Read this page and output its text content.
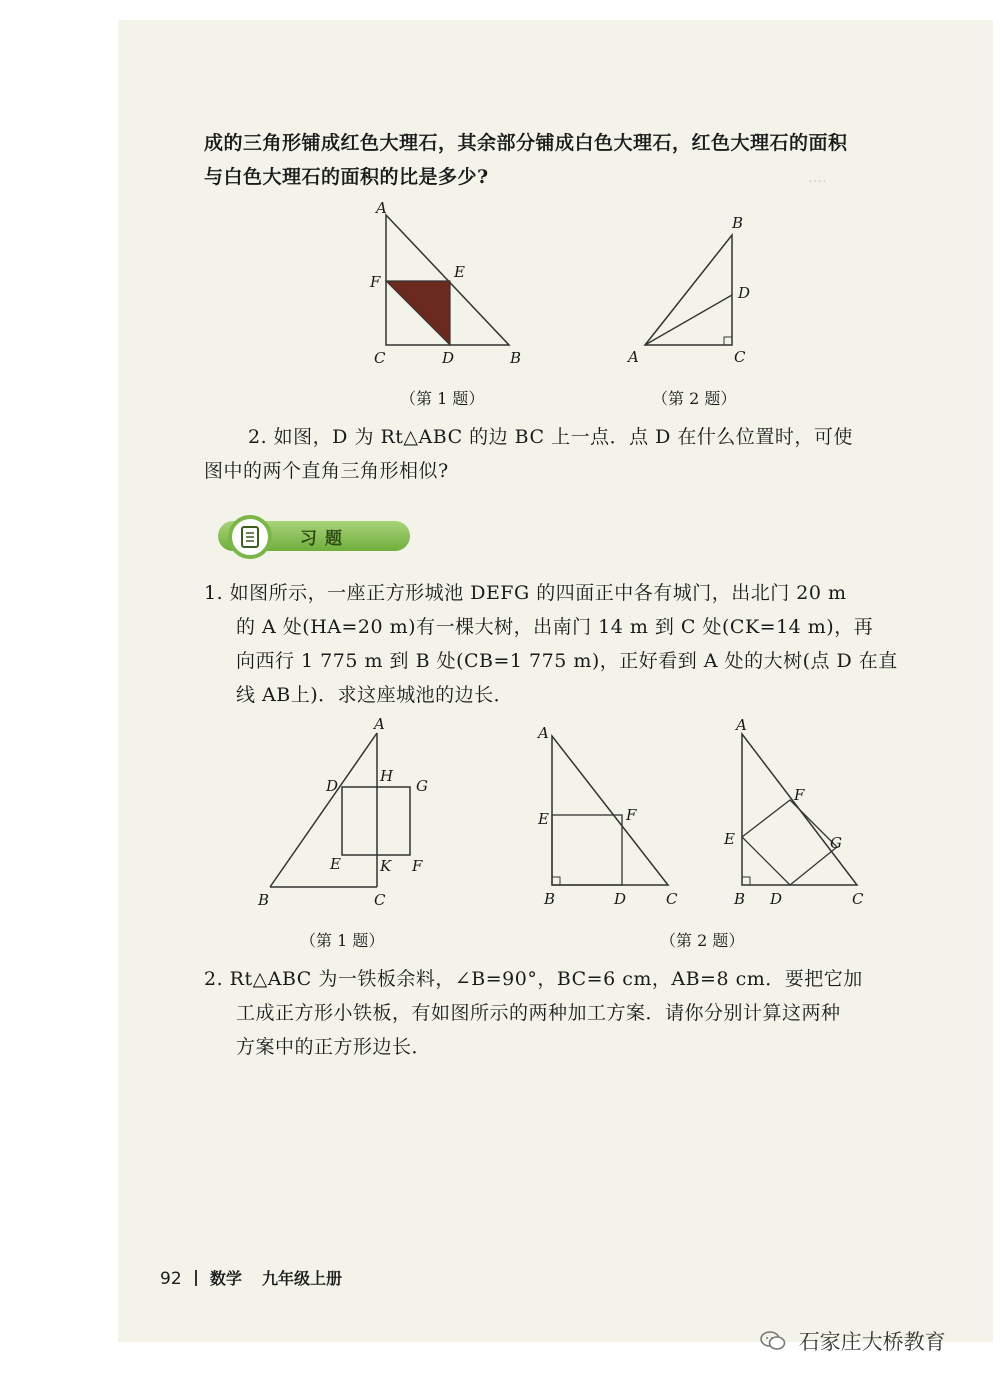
‥‥
成的三角形铺成红色大理石，其余部分铺成白色大理石，红色大理石的面积
与白色大理石的面积的比是多少?
A
F
E
C	D	B
（第 1 题）
B
D
A	C
（第 2 题）
2. 如图，D 为 Rt△ABC 的边 BC 上一点．点 D 在什么位置时，可使
图中的两个直角三角形相似?
习题
1. 如图所示，一座正方形城池 DEFG 的四面正中各有城门，出北门 20 m
的 A 处(HA=20 m)有一棵大树，出南门 14 m 到 C 处(CK=14 m)，再
向西行 1 775 m 到 B 处(CB=1 775 m)，正好看到 A 处的大树(点 D 在直
线 AB上)．求这座城池的边长．
A
H
D	G
E	K F
B	C
（第 1 题）
A
E	F
B	D	C
A
F
E	G
B D	C
（第 2 题）
2. Rt△ABC 为一铁板余料，∠B=90°，BC=6 cm，AB=8 cm．要把它加
工成正方形小铁板，有如图所示的两种加工方案．请你分别计算这两种
方案中的正方形边长．
92 数学 九年级上册
石家庄大桥教育
